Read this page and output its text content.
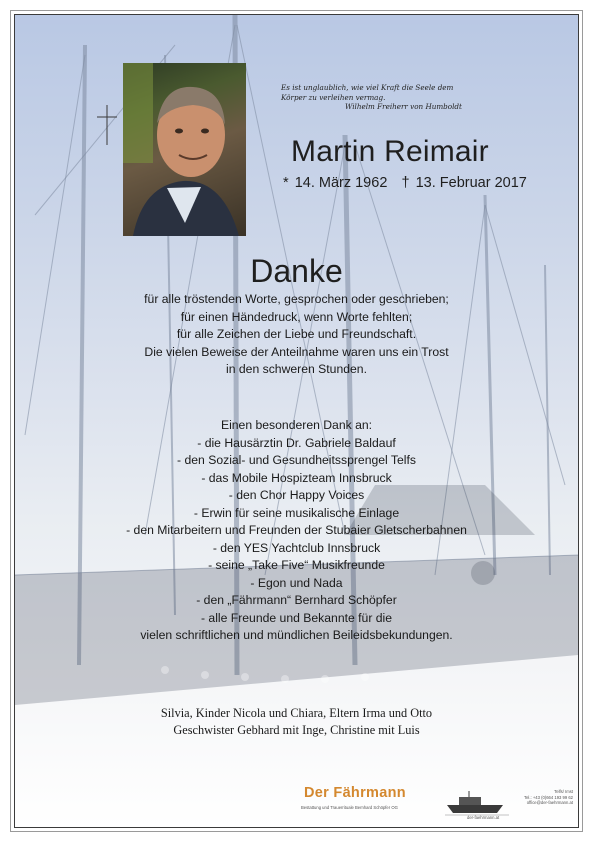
Es ist unglaublich, wie viel Kraft die Seele dem
Körper zu verleihen vermag.
Wilhelm Freiherr von Humboldt
Martin Reimair
* 14. März 1962 † 13. Februar 2017
Danke
für alle tröstenden Worte, gesprochen oder geschrieben;
für einen Händedruck, wenn Worte fehlten;
für alle Zeichen der Liebe und Freundschaft.
Die vielen Beweise der Anteilnahme waren uns ein Trost
in den schweren Stunden.
Einen besonderen Dank an:
- die Hausärztin Dr. Gabriele Baldauf
- den Sozial- und Gesundheitssprengel Telfs
- das Mobile Hospizteam Innsbruck
- den Chor Happy Voices
- Erwin für seine musikalische Einlage
- den Mitarbeitern und Freunden der Stubaier Gletscherbahnen
- den YES Yachtclub Innsbruck
- seine „Take Five“ Musikfreunde
- Egon und Nada
- den „Fährmann“ Bernhard Schöpfer
- alle Freunde und Bekannte für die
vielen schriftlichen und mündlichen Beileidsbekundungen.
Silvia, Kinder Nicola und Chiara, Eltern Irma und Otto
Geschwister Gebhard mit Inge, Christine mit Luis
Der Fährmann
Bestattung und Trauerrituale Bernhard Schöpfer OG
der-faehrmann.at
Telfs/ Imst
Tel.: +43 (0)664 193 99 62
office@der-faehrmann.at
